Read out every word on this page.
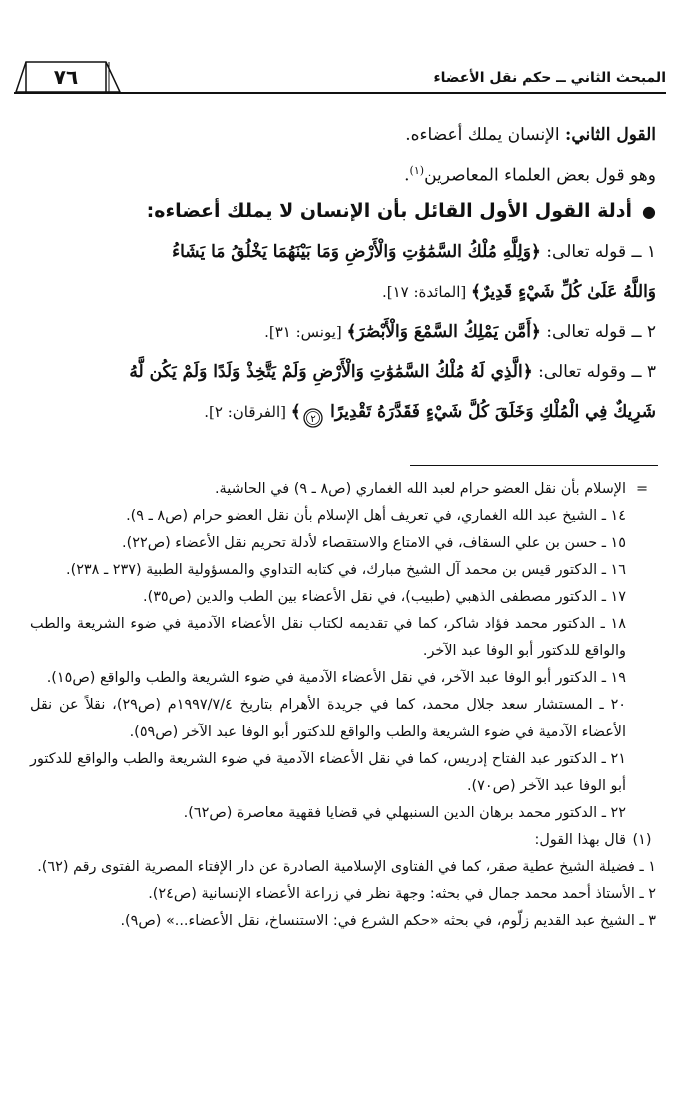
المبحث الثاني ــ حكم نقل الأعضاء
٧٦
القول الثاني: الإنسان يملك أعضاءه.
وهو قول بعض العلماء المعاصرين$^{(١)}$.
●أدلة القول الأول القائل بأن الإنسان لا يملك أعضاءه:
١ ــ قوله تعالى: ﴿وَلِلَّهِ مُلْكُ السَّمَٰوَٰتِ وَالْأَرْضِ وَمَا بَيْنَهُمَا يَخْلُقُ مَا يَشَاءُ
وَاللَّهُ عَلَىٰ كُلِّ شَيْءٍ قَدِيرٌ﴾ [المائدة: ١٧].
٢ ــ قوله تعالى: ﴿أَمَّن يَمْلِكُ السَّمْعَ وَالْأَبْصَٰرَ﴾ [يونس: ٣١].
٣ ــ وقوله تعالى: ﴿الَّذِي لَهُ مُلْكُ السَّمَٰوَٰتِ وَالْأَرْضِ وَلَمْ يَتَّخِذْ وَلَدًا وَلَمْ يَكُن لَّهُ
شَرِيكٌ فِي الْمُلْكِ وَخَلَقَ كُلَّ شَيْءٍ فَقَدَّرَهُ تَقْدِيرًا
٢
﴾ [الفرقان: ٢].
=
الإسلام بأن نقل العضو حرام لعبد الله الغماري (ص٨ ـ ٩) في الحاشية.
١٤ ـ الشيخ عبد الله الغماري، في تعريف أهل الإسلام بأن نقل العضو حرام (ص٨ ـ ٩).
١٥ ـ حسن بن علي السقاف، في الامتاع والاستقصاء لأدلة تحريم نقل الأعضاء (ص٢٢).
١٦ ـ الدكتور قيس بن محمد آل الشيخ مبارك، في كتابه التداوي والمسؤولية الطبية (٢٣٧ ـ ٢٣٨).
١٧ ـ الدكتور مصطفى الذهبي (طبيب)، في نقل الأعضاء بين الطب والدين (ص٣٥).
١٨ ـ الدكتور محمد فؤاد شاكر، كما في تقديمه لكتاب نقل الأعضاء الآدمية في ضوء الشريعة والطب والواقع للدكتور أبو الوفا عبد الآخر.
١٩ ـ الدكتور أبو الوفا عبد الآخر، في نقل الأعضاء الآدمية في ضوء الشريعة والطب والواقع (ص١٥).
٢٠ ـ المستشار سعد جلال محمد، كما في جريدة الأهرام بتاريخ ١٩٩٧/٧/٤م (ص٢٩)، نقلاً عن نقل الأعضاء الآدمية في ضوء الشريعة والطب والواقع للدكتور أبو الوفا عبد الآخر (ص٥٩).
٢١ ـ الدكتور عبد الفتاح إدريس، كما في نقل الأعضاء الآدمية في ضوء الشريعة والطب والواقع للدكتور أبو الوفا عبد الآخر (ص٧٠).
٢٢ ـ الدكتور محمد برهان الدين السنبهلي في قضايا فقهية معاصرة (ص٦٢).
(١)
قال بهذا القول:
١ ـ فضيلة الشيخ عطية صقر، كما في الفتاوى الإسلامية الصادرة عن دار الإفتاء المصرية الفتوى رقم (٦٢).
٢ ـ الأستاذ أحمد محمد جمال في بحثه: وجهة نظر في زراعة الأعضاء الإنسانية (ص٢٤).
٣ ـ الشيخ عبد القديم زلّوم، في بحثه «حكم الشرع في: الاستنساخ، نقل الأعضاء...» (ص٩).
